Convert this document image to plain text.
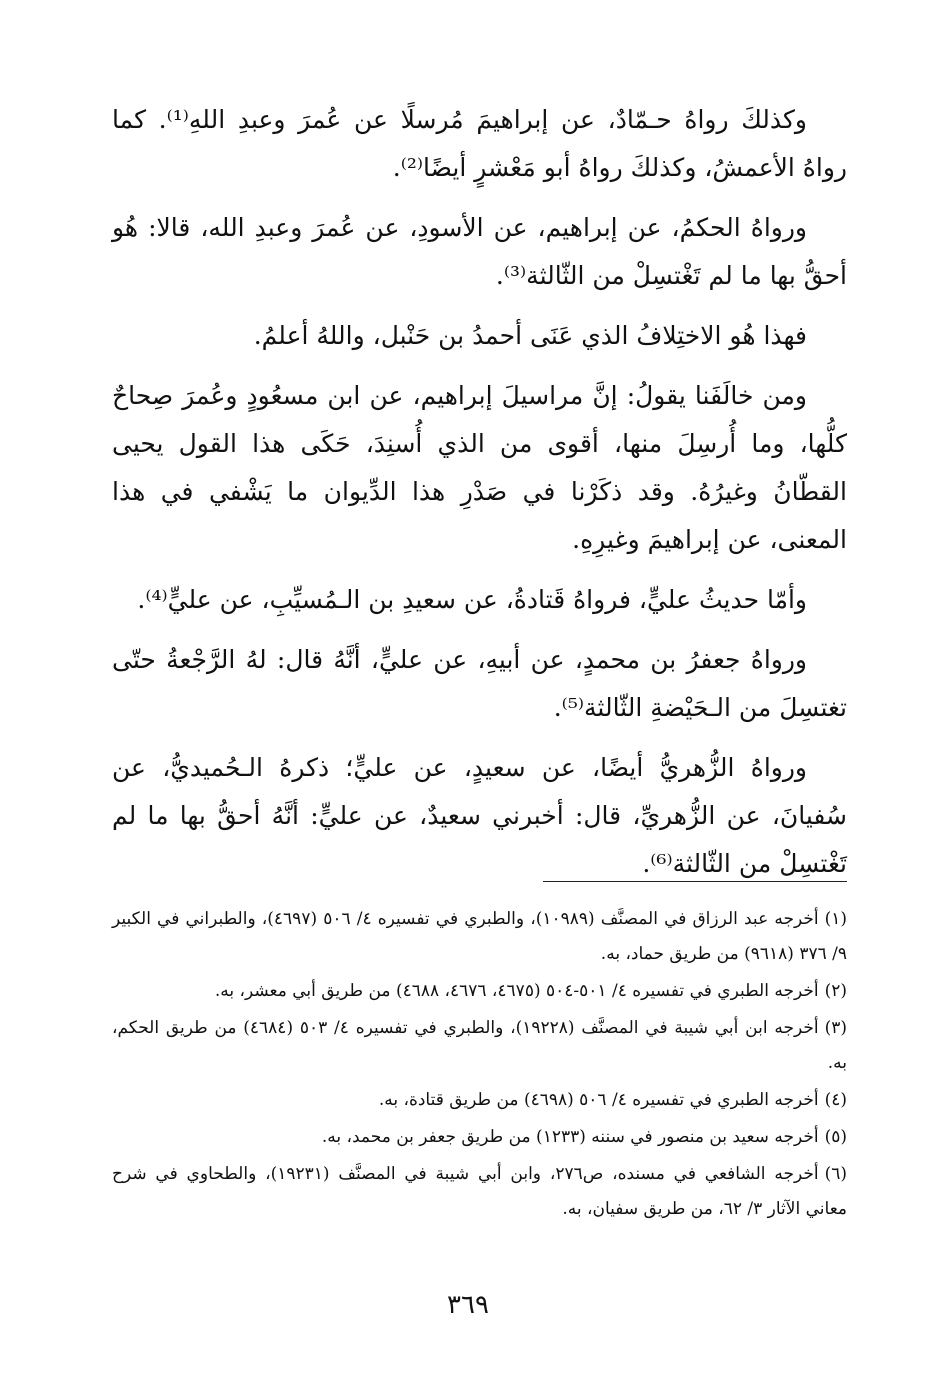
وكذلكَ رواهُ حـمّادٌ، عن إبراهيمَ مُرسلًا عن عُمرَ وعبدِ اللهِ⁽¹⁾. كما رواهُ الأعمشُ، وكذلكَ رواهُ أبو مَعْشرٍ أيضًا⁽²⁾.

ورواهُ الحكمُ، عن إبراهيم، عن الأسودِ، عن عُمرَ وعبدِ الله، قالا: هُو أحقُّ بها ما لم تَغْتسِلْ من الثّالثة⁽³⁾.

فهذا هُو الاختِلافُ الذي عَنَى أحمدُ بن حَنْبل، واللهُ أعلمُ.

ومن خالَفَنا يقولُ: إنَّ مراسيلَ إبراهيم، عن ابن مسعُودٍ وعُمرَ صِحاحٌ كلُّها، وما أُرسِلَ منها، أقوى من الذي أُسنِدَ، حَكَى هذا القول يحيى القطّانُ وغيرُهُ. وقد ذكَرْنا في صَدْرِ هذا الدِّيوان ما يَشْفي في هذا المعنى، عن إبراهيمَ وغيرِهِ.

وأمّا حديثُ عليٍّ، فرواهُ قَتادةُ، عن سعيدِ بن الـمُسيِّبِ، عن عليٍّ⁽⁴⁾.

ورواهُ جعفرُ بن محمدٍ، عن أبيهِ، عن عليٍّ، أنَّهُ قال: لهُ الرَّجْعةُ حتّى تغتسِلَ من الـحَيْضةِ الثّالثة⁽⁵⁾.

ورواهُ الزُّهريُّ أيضًا، عن سعيدٍ، عن عليٍّ؛ ذكرهُ الـحُميديُّ، عن سُفيانَ، عن الزُّهريِّ، قال: أخبرني سعيدٌ، عن عليٍّ: أنَّهُ أحقُّ بها ما لم تَغْتسِلْ من الثّالثة⁽⁶⁾.

(١)أخرجه عبد الرزاق في المصنَّف (١٠٩٨٩)، والطبري في تفسيره ٤/ ٥٠٦ (٤٦٩٧)، والطبراني في الكبير ٩/ ٣٧٦ (٩٦١٨) من طريق حماد، به.

(٢)أخرجه الطبري في تفسيره ٤/ ٥٠١-٥٠٤ (٤٦٧٥، ٤٦٧٦، ٤٦٨٨) من طريق أبي معشر، به.

(٣)أخرجه ابن أبي شيبة في المصنَّف (١٩٢٢٨)، والطبري في تفسيره ٤/ ٥٠٣ (٤٦٨٤) من طريق الحكم، به.

(٤)أخرجه الطبري في تفسيره ٤/ ٥٠٦ (٤٦٩٨) من طريق قتادة، به.

(٥)أخرجه سعيد بن منصور في سننه (١٢٣٣) من طريق جعفر بن محمد، به.

(٦)أخرجه الشافعي في مسنده، ص٢٧٦، وابن أبي شيبة في المصنَّف (١٩٢٣١)، والطحاوي في شرح معاني الآثار ٣/ ٦٢، من طريق سفيان، به.

٣٦٩
